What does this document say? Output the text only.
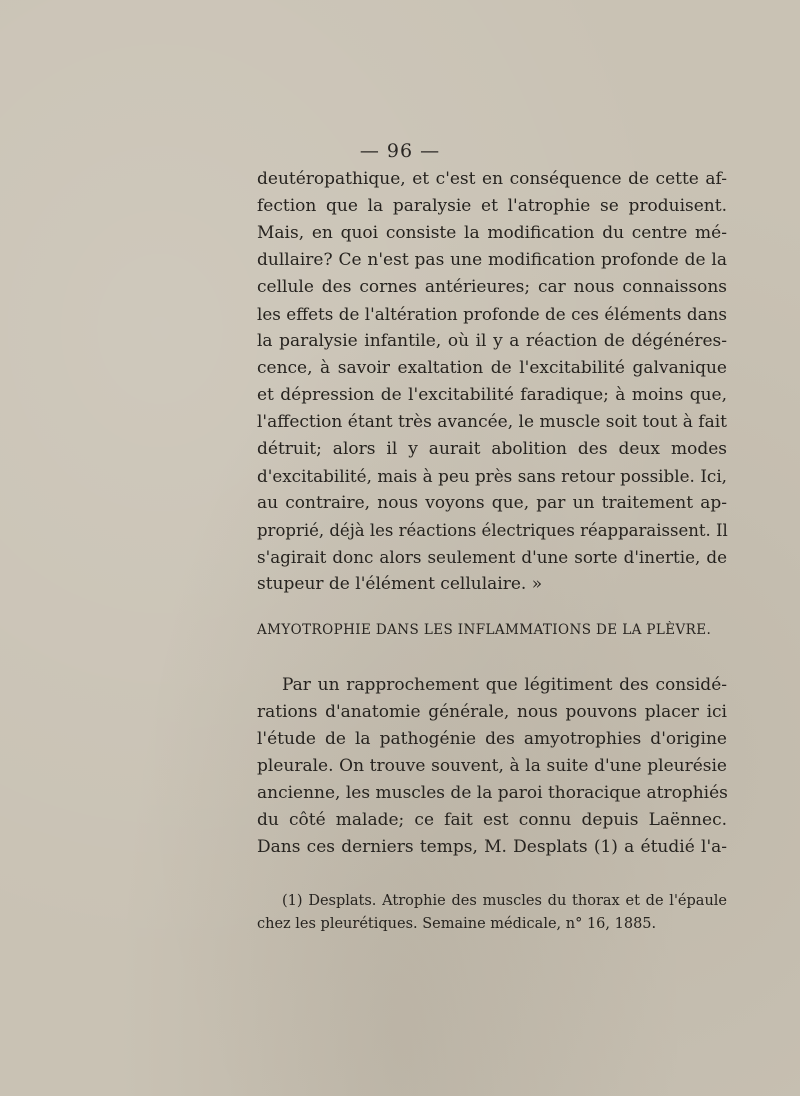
— 96 —
deutéropathique, et c'est en conséquence de cette af-
fection que la paralysie et l'atrophie se produisent.
Mais, en quoi consiste la modification du centre mé-
dullaire? Ce n'est pas une modification profonde de la
cellule des cornes antérieures; car nous connaissons
les effets de l'altération profonde de ces éléments dans
la paralysie infantile, où il y a réaction de dégénéres-
cence, à savoir exaltation de l'excitabilité galvanique
et dépression de l'excitabilité faradique; à moins que,
l'affection étant très avancée, le muscle soit tout à fait
détruit; alors il y aurait abolition des deux modes
d'excitabilité, mais à peu près sans retour possible. Ici,
au contraire, nous voyons que, par un traitement ap-
proprié, déjà les réactions électriques réapparaissent. Il
s'agirait donc alors seulement d'une sorte d'inertie, de
stupeur de l'élément cellulaire. »
AMYOTROPHIE DANS LES INFLAMMATIONS DE LA PLÈVRE.
Par un rapprochement que légitiment des considé-
rations d'anatomie générale, nous pouvons placer ici
l'étude de la pathogénie des amyotrophies d'origine
pleurale. On trouve souvent, à la suite d'une pleurésie
ancienne, les muscles de la paroi thoracique atrophiés
du côté malade; ce fait est connu depuis Laënnec.
Dans ces derniers temps, M. Desplats (1) a étudié l'a-
(1) Desplats. Atrophie des muscles du thorax et de l'épaule
chez les pleurétiques. Semaine médicale, n° 16, 1885.
